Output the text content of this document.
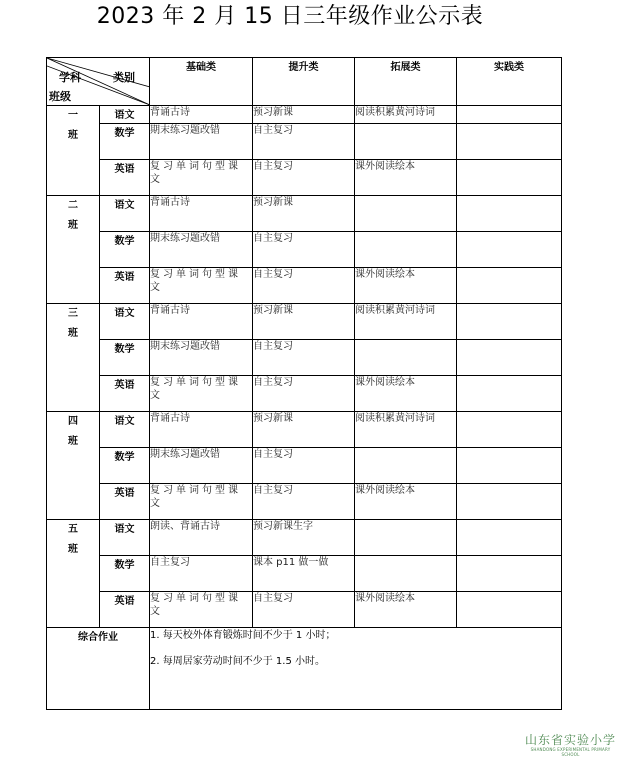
2023 年 2 月 15 日三年级作业公示表
学科 类别
班级		基础类	提升类	拓展类	实践类

一班	语文	背诵古诗	预习新课	阅读积累黄河诗词	
	数学	期末练习题改错	自主复习		
	英语	复习单词句型课文	自主复习	课外阅读绘本	

二班	语文	背诵古诗	预习新课		
	数学	期末练习题改错	自主复习		
	英语	复习单词句型课文	自主复习	课外阅读绘本	

三班	语文	背诵古诗	预习新课	阅读积累黄河诗词	
	数学	期末练习题改错	自主复习		
	英语	复习单词句型课文	自主复习	课外阅读绘本	

四班	语文	背诵古诗	预习新课	阅读积累黄河诗词	
	数学	期末练习题改错	自主复习		
	英语	复习单词句型课文	自主复习	课外阅读绘本	

五班	语文	朗读、背诵古诗	预习新课生字		
	数学	自主复习	课本 p11 做一做		
	英语	复习单词句型课文	自主复习	课外阅读绘本	
综合作业		1. 每天校外体育锻炼时间不少于 1 小时；

2. 每周居家劳动时间不少于 1.5 小时。			

山东省实验小学
SHANDONG EXPERIMENTAL PRIMARY SCHOOL
